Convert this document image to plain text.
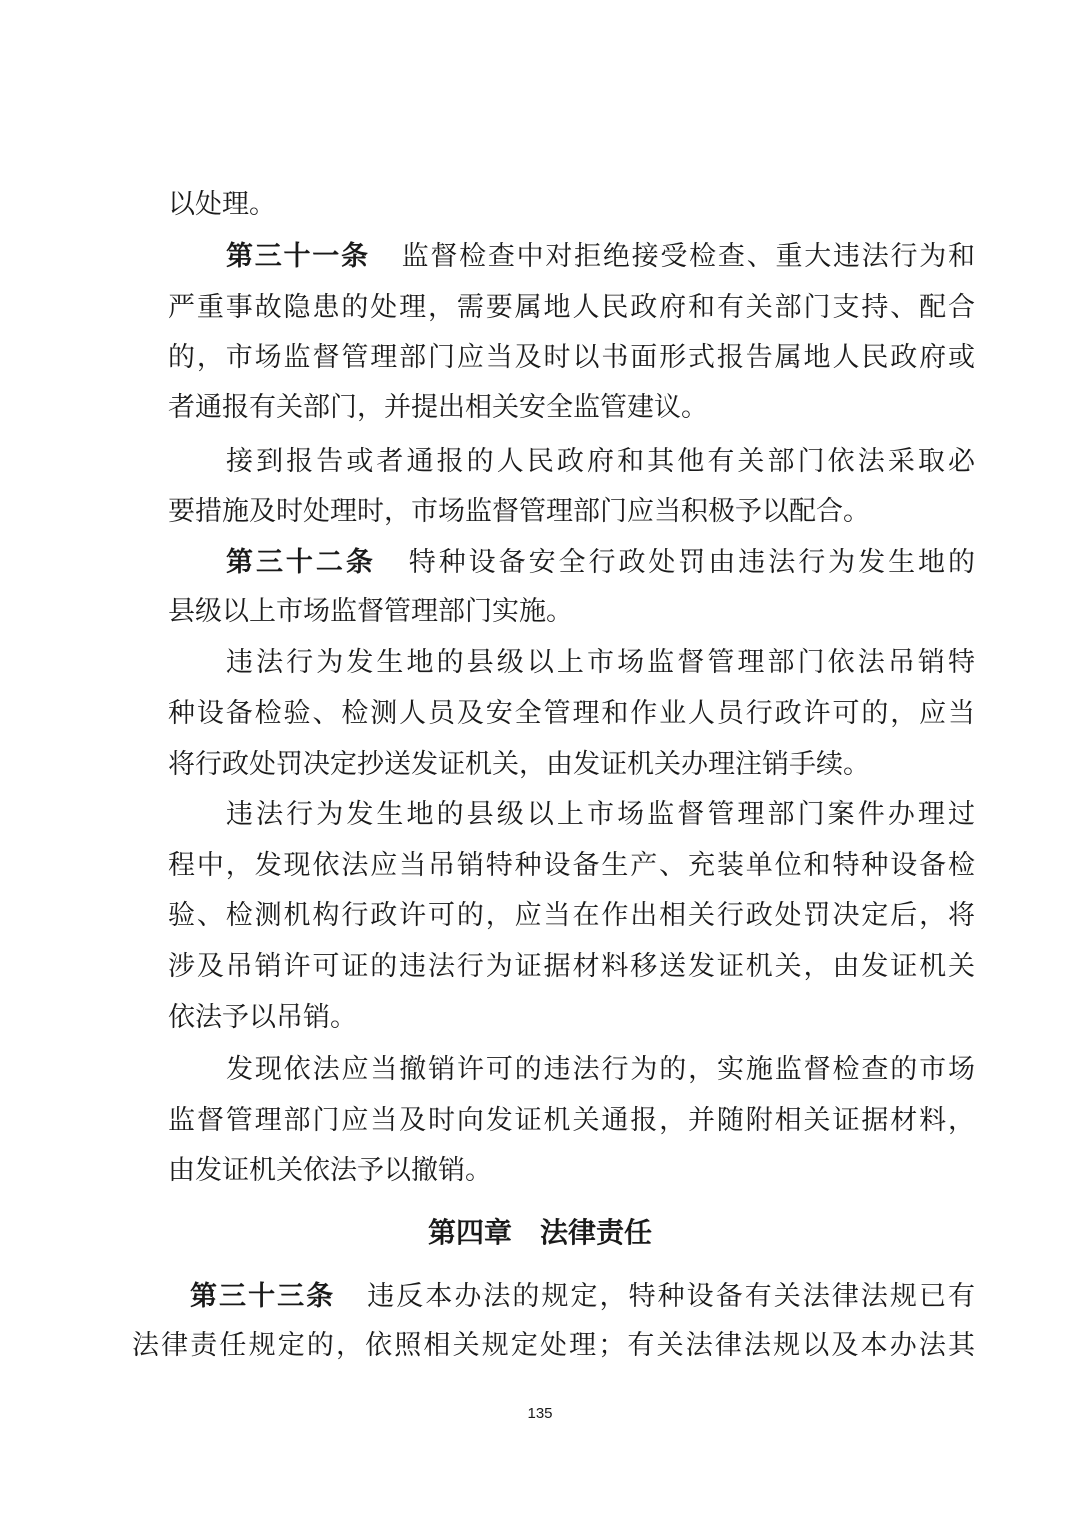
以处理。
第三十一条 监督检查中对拒绝接受检查、重大违法行为和
严重事故隐患的处理，需要属地人民政府和有关部门支持、配合
的，市场监督管理部门应当及时以书面形式报告属地人民政府或
者通报有关部门，并提出相关安全监管建议。
接到报告或者通报的人民政府和其他有关部门依法采取必
要措施及时处理时，市场监督管理部门应当积极予以配合。
第三十二条 特种设备安全行政处罚由违法行为发生地的
县级以上市场监督管理部门实施。
违法行为发生地的县级以上市场监督管理部门依法吊销特
种设备检验、检测人员及安全管理和作业人员行政许可的，应当
将行政处罚决定抄送发证机关，由发证机关办理注销手续。
违法行为发生地的县级以上市场监督管理部门案件办理过
程中，发现依法应当吊销特种设备生产、充装单位和特种设备检
验、检测机构行政许可的，应当在作出相关行政处罚决定后，将
涉及吊销许可证的违法行为证据材料移送发证机关，由发证机关
依法予以吊销。
发现依法应当撤销许可的违法行为的，实施监督检查的市场
监督管理部门应当及时向发证机关通报，并随附相关证据材料，
由发证机关依法予以撤销。
第三十三条 违反本办法的规定，特种设备有关法律法规已有
法律责任规定的，依照相关规定处理；有关法律法规以及本办法其
第四章　法律责任
135
